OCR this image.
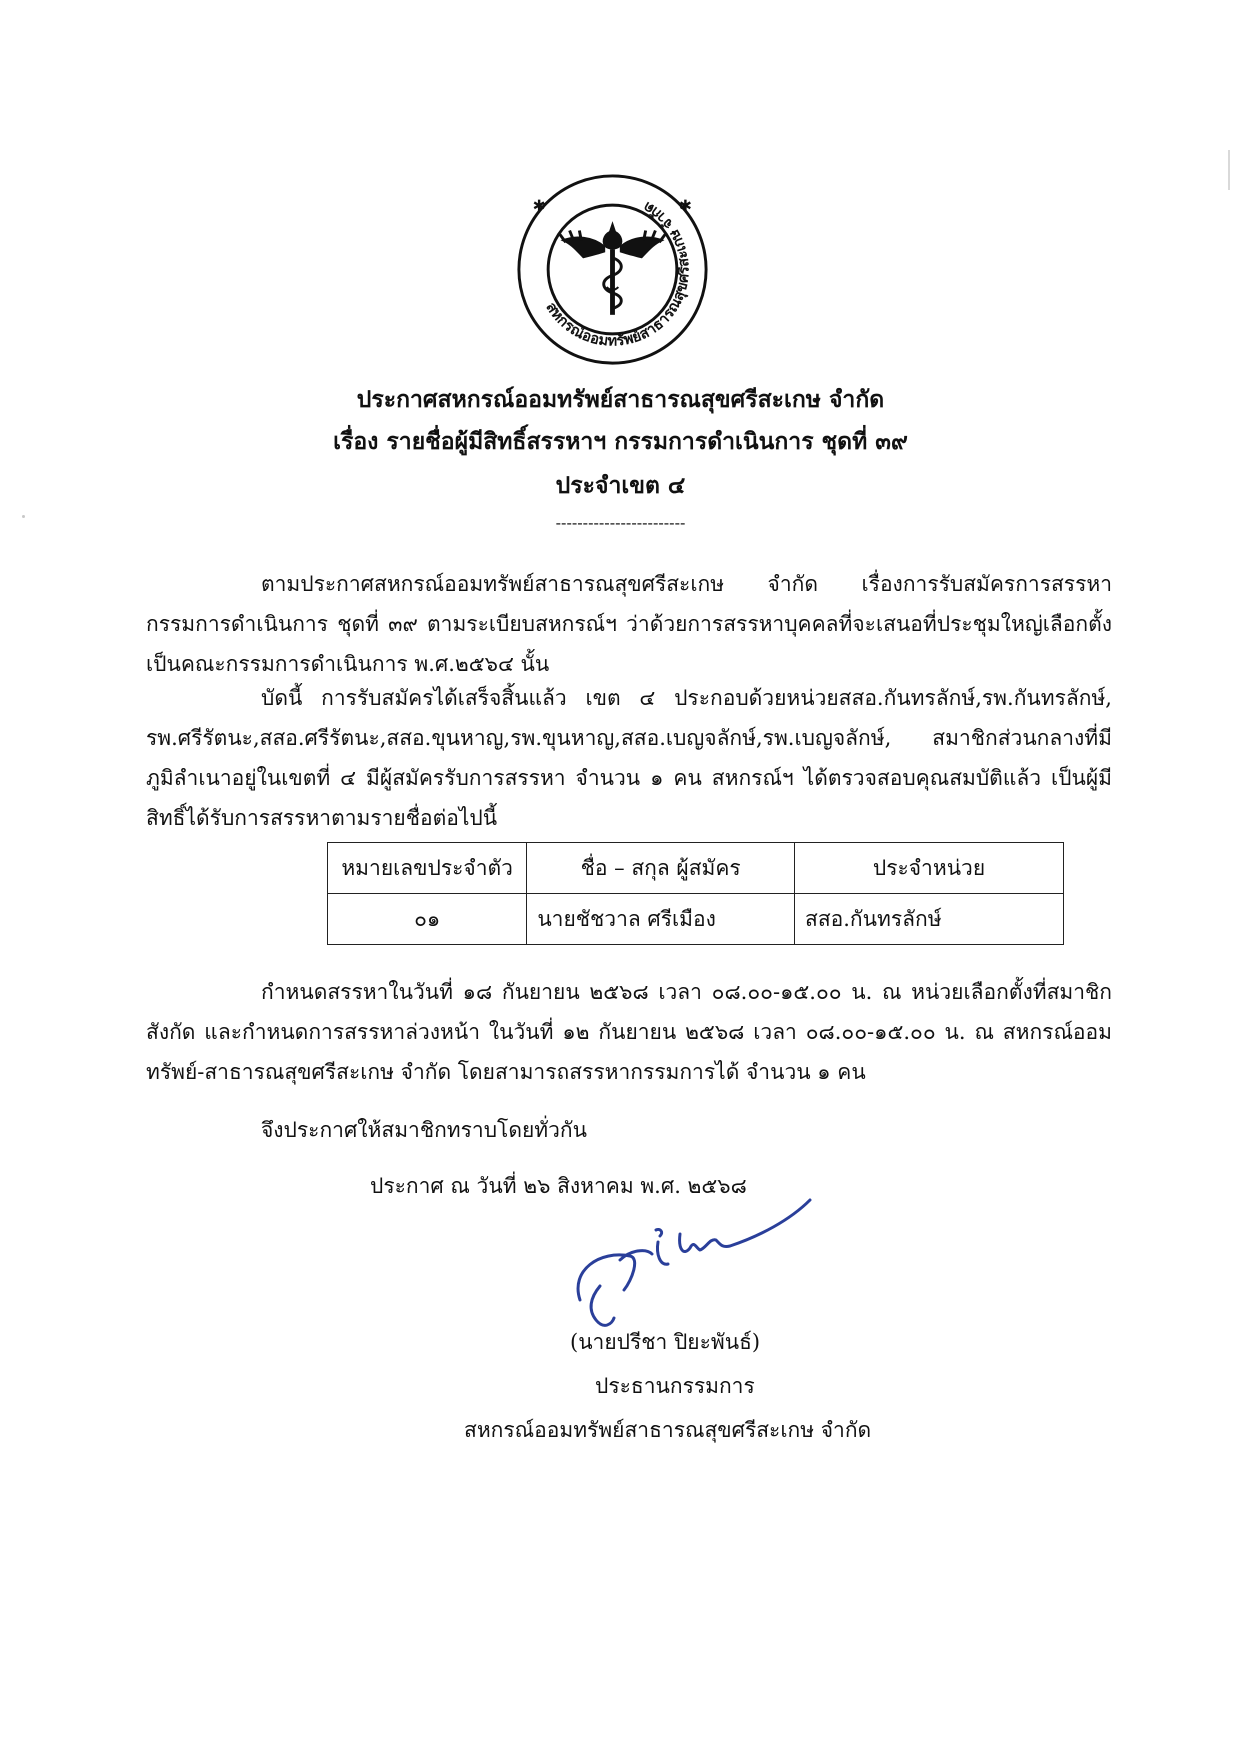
สหกรณ์ออมทรัพย์สาธารณสุขศรีสะเกษ จำกัด
✱	✱
ประกาศสหกรณ์ออมทรัพย์สาธารณสุขศรีสะเกษ จำกัด
เรื่อง รายชื่อผู้มีสิทธิ์สรรหาฯ กรรมการดำเนินการ ชุดที่ ๓๙
ประจำเขต ๔
------------------------
ตามประกาศสหกรณ์ออมทรัพย์สาธารณสุขศรีสะเกษ จำกัด เรื่องการรับสมัครการสรรหากรรมการดำเนินการ ชุดที่ ๓๙ ตามระเบียบสหกรณ์ฯ ว่าด้วยการสรรหาบุคคลที่จะเสนอที่ประชุมใหญ่เลือกตั้งเป็นคณะกรรมการดำเนินการ พ.ศ.๒๕๖๔ นั้น
บัดนี้ การรับสมัครได้เสร็จสิ้นแล้ว เขต ๔ ประกอบด้วยหน่วยสสอ.กันทรลักษ์,รพ.กันทรลักษ์, รพ.ศรีรัตนะ,สสอ.ศรีรัตนะ,สสอ.ขุนหาญ,รพ.ขุนหาญ,สสอ.เบญจลักษ์,รพ.เบญจลักษ์, สมาชิกส่วนกลางที่มีภูมิลำเนาอยู่ในเขตที่ ๔ มีผู้สมัครรับการสรรหา จำนวน ๑ คน สหกรณ์ฯ ได้ตรวจสอบคุณสมบัติแล้ว เป็นผู้มีสิทธิ์ได้รับการสรรหาตามรายชื่อต่อไปนี้
หมายเลขประจำตัว	ชื่อ – สกุล ผู้สมัคร	ประจำหน่วย
๐๑	นายชัชวาล ศรีเมือง	สสอ.กันทรลักษ์
กำหนดสรรหาในวันที่ ๑๘ กันยายน ๒๕๖๘ เวลา ๐๘.๐๐-๑๕.๐๐ น. ณ หน่วยเลือกตั้งที่สมาชิกสังกัด และกำหนดการสรรหาล่วงหน้า ในวันที่ ๑๒ กันยายน ๒๕๖๘ เวลา ๐๘.๐๐-๑๕.๐๐ น. ณ สหกรณ์ออมทรัพย์-สาธารณสุขศรีสะเกษ จำกัด โดยสามารถสรรหากรรมการได้ จำนวน ๑ คน
จึงประกาศให้สมาชิกทราบโดยทั่วกัน
ประกาศ ณ วันที่ ๒๖ สิงหาคม พ.ศ. ๒๕๖๘
(นายปรีชา ปิยะพันธ์)
ประธานกรรมการ
สหกรณ์ออมทรัพย์สาธารณสุขศรีสะเกษ จำกัด
